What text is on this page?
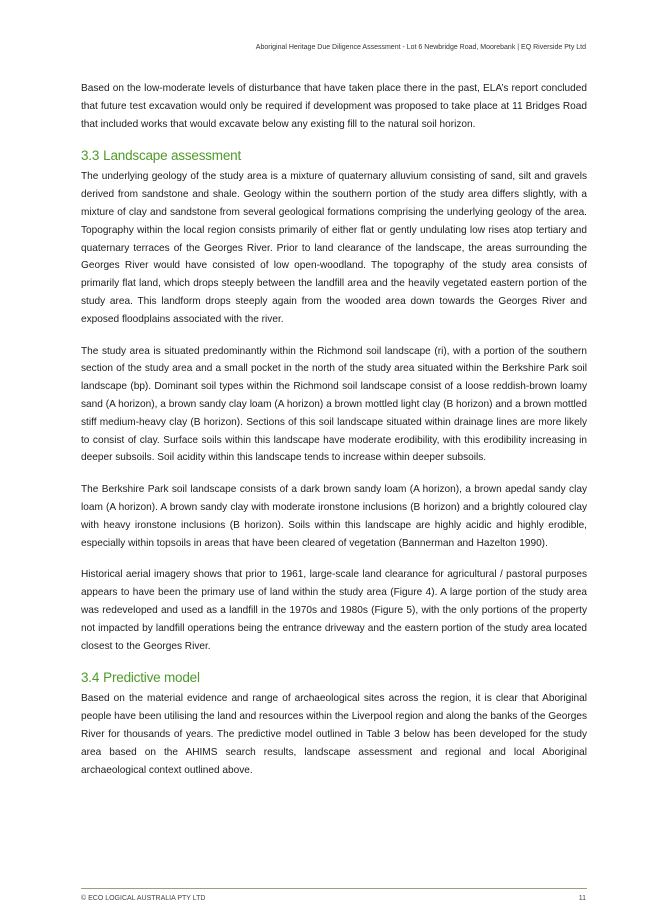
Aboriginal Heritage Due Diligence Assessment - Lot 6 Newbridge Road, Moorebank | EQ Riverside Pty Ltd

Based on the low-moderate levels of disturbance that have taken place there in the past, ELA’s report concluded that future test excavation would only be required if development was proposed to take place at 11 Bridges Road that included works that would excavate below any existing fill to the natural soil horizon.

3.3 Landscape assessment

The underlying geology of the study area is a mixture of quaternary alluvium consisting of sand, silt and gravels derived from sandstone and shale. Geology within the southern portion of the study area differs slightly, with a mixture of clay and sandstone from several geological formations comprising the underlying geology of the area. Topography within the local region consists primarily of either flat or gently undulating low rises atop tertiary and quaternary terraces of the Georges River. Prior to land clearance of the landscape, the areas surrounding the Georges River would have consisted of low open-woodland. The topography of the study area consists of primarily flat land, which drops steeply between the landfill area and the heavily vegetated eastern portion of the study area. This landform drops steeply again from the wooded area down towards the Georges River and exposed floodplains associated with the river.

The study area is situated predominantly within the Richmond soil landscape (ri), with a portion of the southern section of the study area and a small pocket in the north of the study area situated within the Berkshire Park soil landscape (bp). Dominant soil types within the Richmond soil landscape consist of a loose reddish-brown loamy sand (A horizon), a brown sandy clay loam (A horizon) a brown mottled light clay (B horizon) and a brown mottled stiff medium-heavy clay (B horizon). Sections of this soil landscape situated within drainage lines are more likely to consist of clay. Surface soils within this landscape have moderate erodibility, with this erodibility increasing in deeper subsoils. Soil acidity within this landscape tends to increase within deeper subsoils.

The Berkshire Park soil landscape consists of a dark brown sandy loam (A horizon), a brown apedal sandy clay loam (A horizon). A brown sandy clay with moderate ironstone inclusions (B horizon) and a brightly coloured clay with heavy ironstone inclusions (B horizon). Soils within this landscape are highly acidic and highly erodible, especially within topsoils in areas that have been cleared of vegetation (Bannerman and Hazelton 1990).

Historical aerial imagery shows that prior to 1961, large-scale land clearance for agricultural / pastoral purposes appears to have been the primary use of land within the study area (Figure 4). A large portion of the study area was redeveloped and used as a landfill in the 1970s and 1980s (Figure 5), with the only portions of the property not impacted by landfill operations being the entrance driveway and the eastern portion of the study area located closest to the Georges River.

3.4 Predictive model

Based on the material evidence and range of archaeological sites across the region, it is clear that Aboriginal people have been utilising the land and resources within the Liverpool region and along the banks of the Georges River for thousands of years. The predictive model outlined in Table 3 below has been developed for the study area based on the AHIMS search results, landscape assessment and regional and local Aboriginal archaeological context outlined above.

© ECO LOGICAL AUSTRALIA PTY LTD	11
